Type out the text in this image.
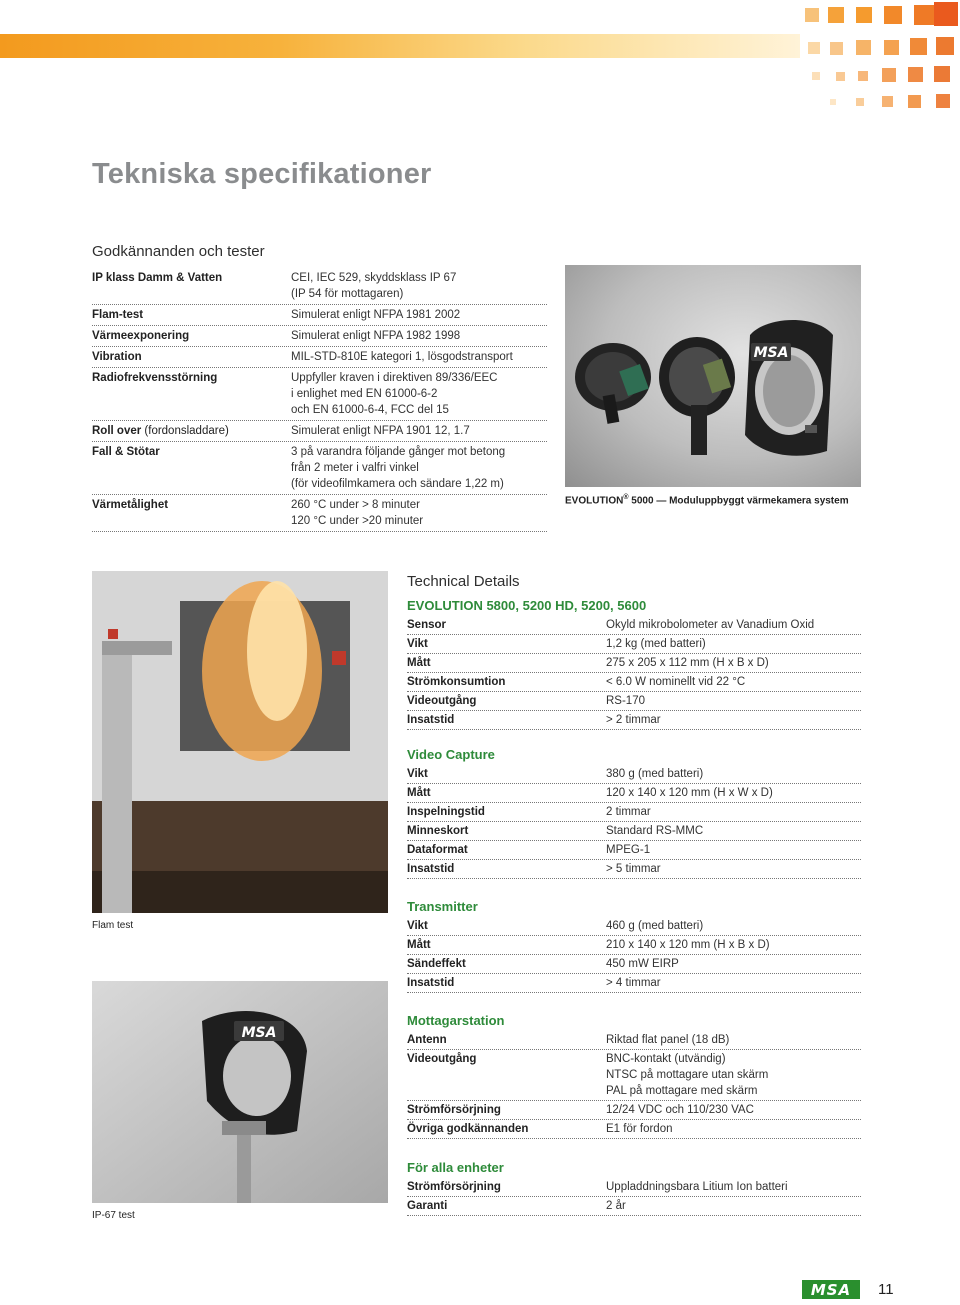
Tekniska specifikationer
Godkännanden och tester
IP klass Damm & Vatten	CEI, IEC 529, skyddsklass IP 67
(IP 54 för mottagaren)
Flam-test	Simulerat enligt NFPA 1981 2002
Värmeexponering	Simulerat enligt NFPA 1982 1998
Vibration	MIL-STD-810E kategori 1, lösgodstransport
Radiofrekvensstörning	Uppfyller kraven i direktiven 89/336/EEC
i enlighet med EN 61000-6-2
och EN 61000-6-4, FCC del 15
Roll over (fordonsladdare)	Simulerat enligt NFPA 1901 12, 1.7
Fall & Stötar	3 på varandra följande gånger mot betong
från 2 meter i valfri vinkel
(för videofilmkamera och sändare 1,22 m)
Värmetålighet	260 °C under > 8 minuter
120 °C under >20 minuter
MSA
EVOLUTION® 5000 — Moduluppbyggt värmekamera system
Technical Details
EVOLUTION 5800, 5200 HD, 5200, 5600
Sensor	Okyld mikrobolometer av Vanadium Oxid
Vikt	1,2 kg (med batteri)
Mått	275 x 205 x 112 mm (H x B x D)
Strömkonsumtion	< 6.0 W nominellt vid 22 °C
Videoutgång	RS-170
Insatstid	> 2 timmar
Video Capture
Vikt	380 g (med batteri)
Mått	120 x 140 x 120 mm (H x W x D)
Inspelningstid	2 timmar
Minneskort	Standard RS-MMC
Dataformat	MPEG-1
Insatstid	> 5 timmar
Transmitter
Vikt	460 g (med batteri)
Mått	210 x 140 x 120 mm (H x B x D)
Sändeffekt	450 mW EIRP
Insatstid	> 4 timmar
Mottagarstation
Antenn	Riktad flat panel (18 dB)
Videoutgång	BNC-kontakt (utvändig)
NTSC på mottagare utan skärm
PAL på mottagare med skärm
Strömförsörjning	12/24 VDC och 110/230 VAC
Övriga godkännanden	E1 för fordon
För alla enheter
Strömförsörjning	Uppladdningsbara Litium Ion batteri
Garanti	2 år
Flam test
MSA
IP-67 test
MSA	11
